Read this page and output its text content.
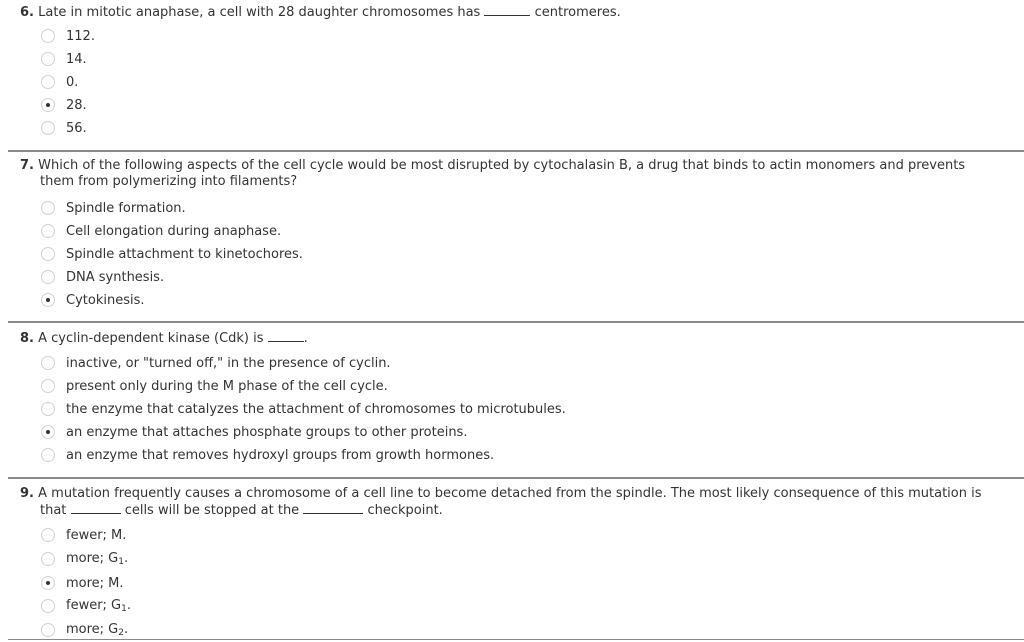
6. Late in mitotic anaphase, a cell with 28 daughter chromosomes has	centromeres.
112.
14.
0.
28.
56.
7. Which of the following aspects of the cell cycle would be most disrupted by cytochalasin B, a drug that binds to actin monomers and prevents
them from polymerizing into filaments?
Spindle formation.
Cell elongation during anaphase.
Spindle attachment to kinetochores.
DNA synthesis.
Cytokinesis.
8. A cyclin-dependent kinase (Cdk) is	.
inactive, or "turned off," in the presence of cyclin.
present only during the M phase of the cell cycle.
the enzyme that catalyzes the attachment of chromosomes to microtubules.
an enzyme that attaches phosphate groups to other proteins.
an enzyme that removes hydroxyl groups from growth hormones.
9. A mutation frequently causes a chromosome of a cell line to become detached from the spindle. The most likely consequence of this mutation is
that	cells will be stopped at the	checkpoint.
fewer; M.
more; $G_1$.
more; M.
fewer; $G_1$.
more; $G_2$.
